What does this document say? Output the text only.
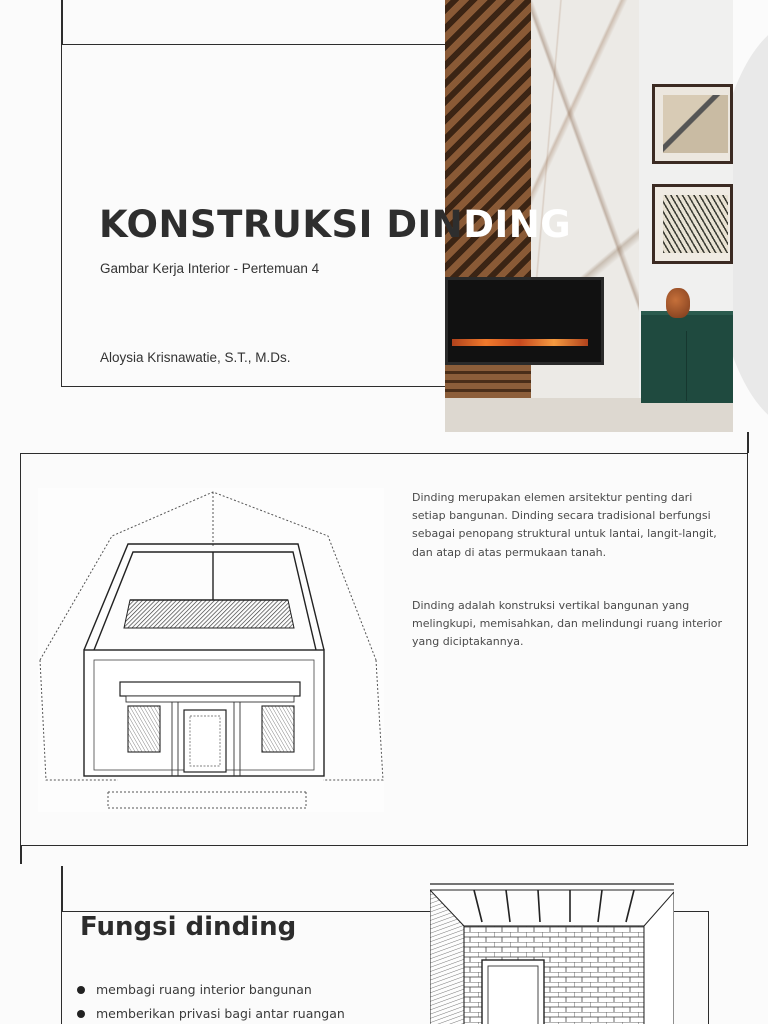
KONSTRUKSI DINDING
Gambar Kerja Interior - Pertemuan 4
Aloysia Krisnawatie, S.T., M.Ds.

Dinding merupakan elemen arsitektur penting dari setiap bangunan. Dinding secara tradisional berfungsi sebagai penopang struktural untuk lantai, langit-langit, dan atap di atas permukaan tanah.

Dinding adalah konstruksi vertikal bangunan yang melingkupi, memisahkan, dan melindungi ruang interior yang diciptakannya.

Fungsi dinding
membagi ruang interior bangunan
memberikan privasi bagi antar ruangan
